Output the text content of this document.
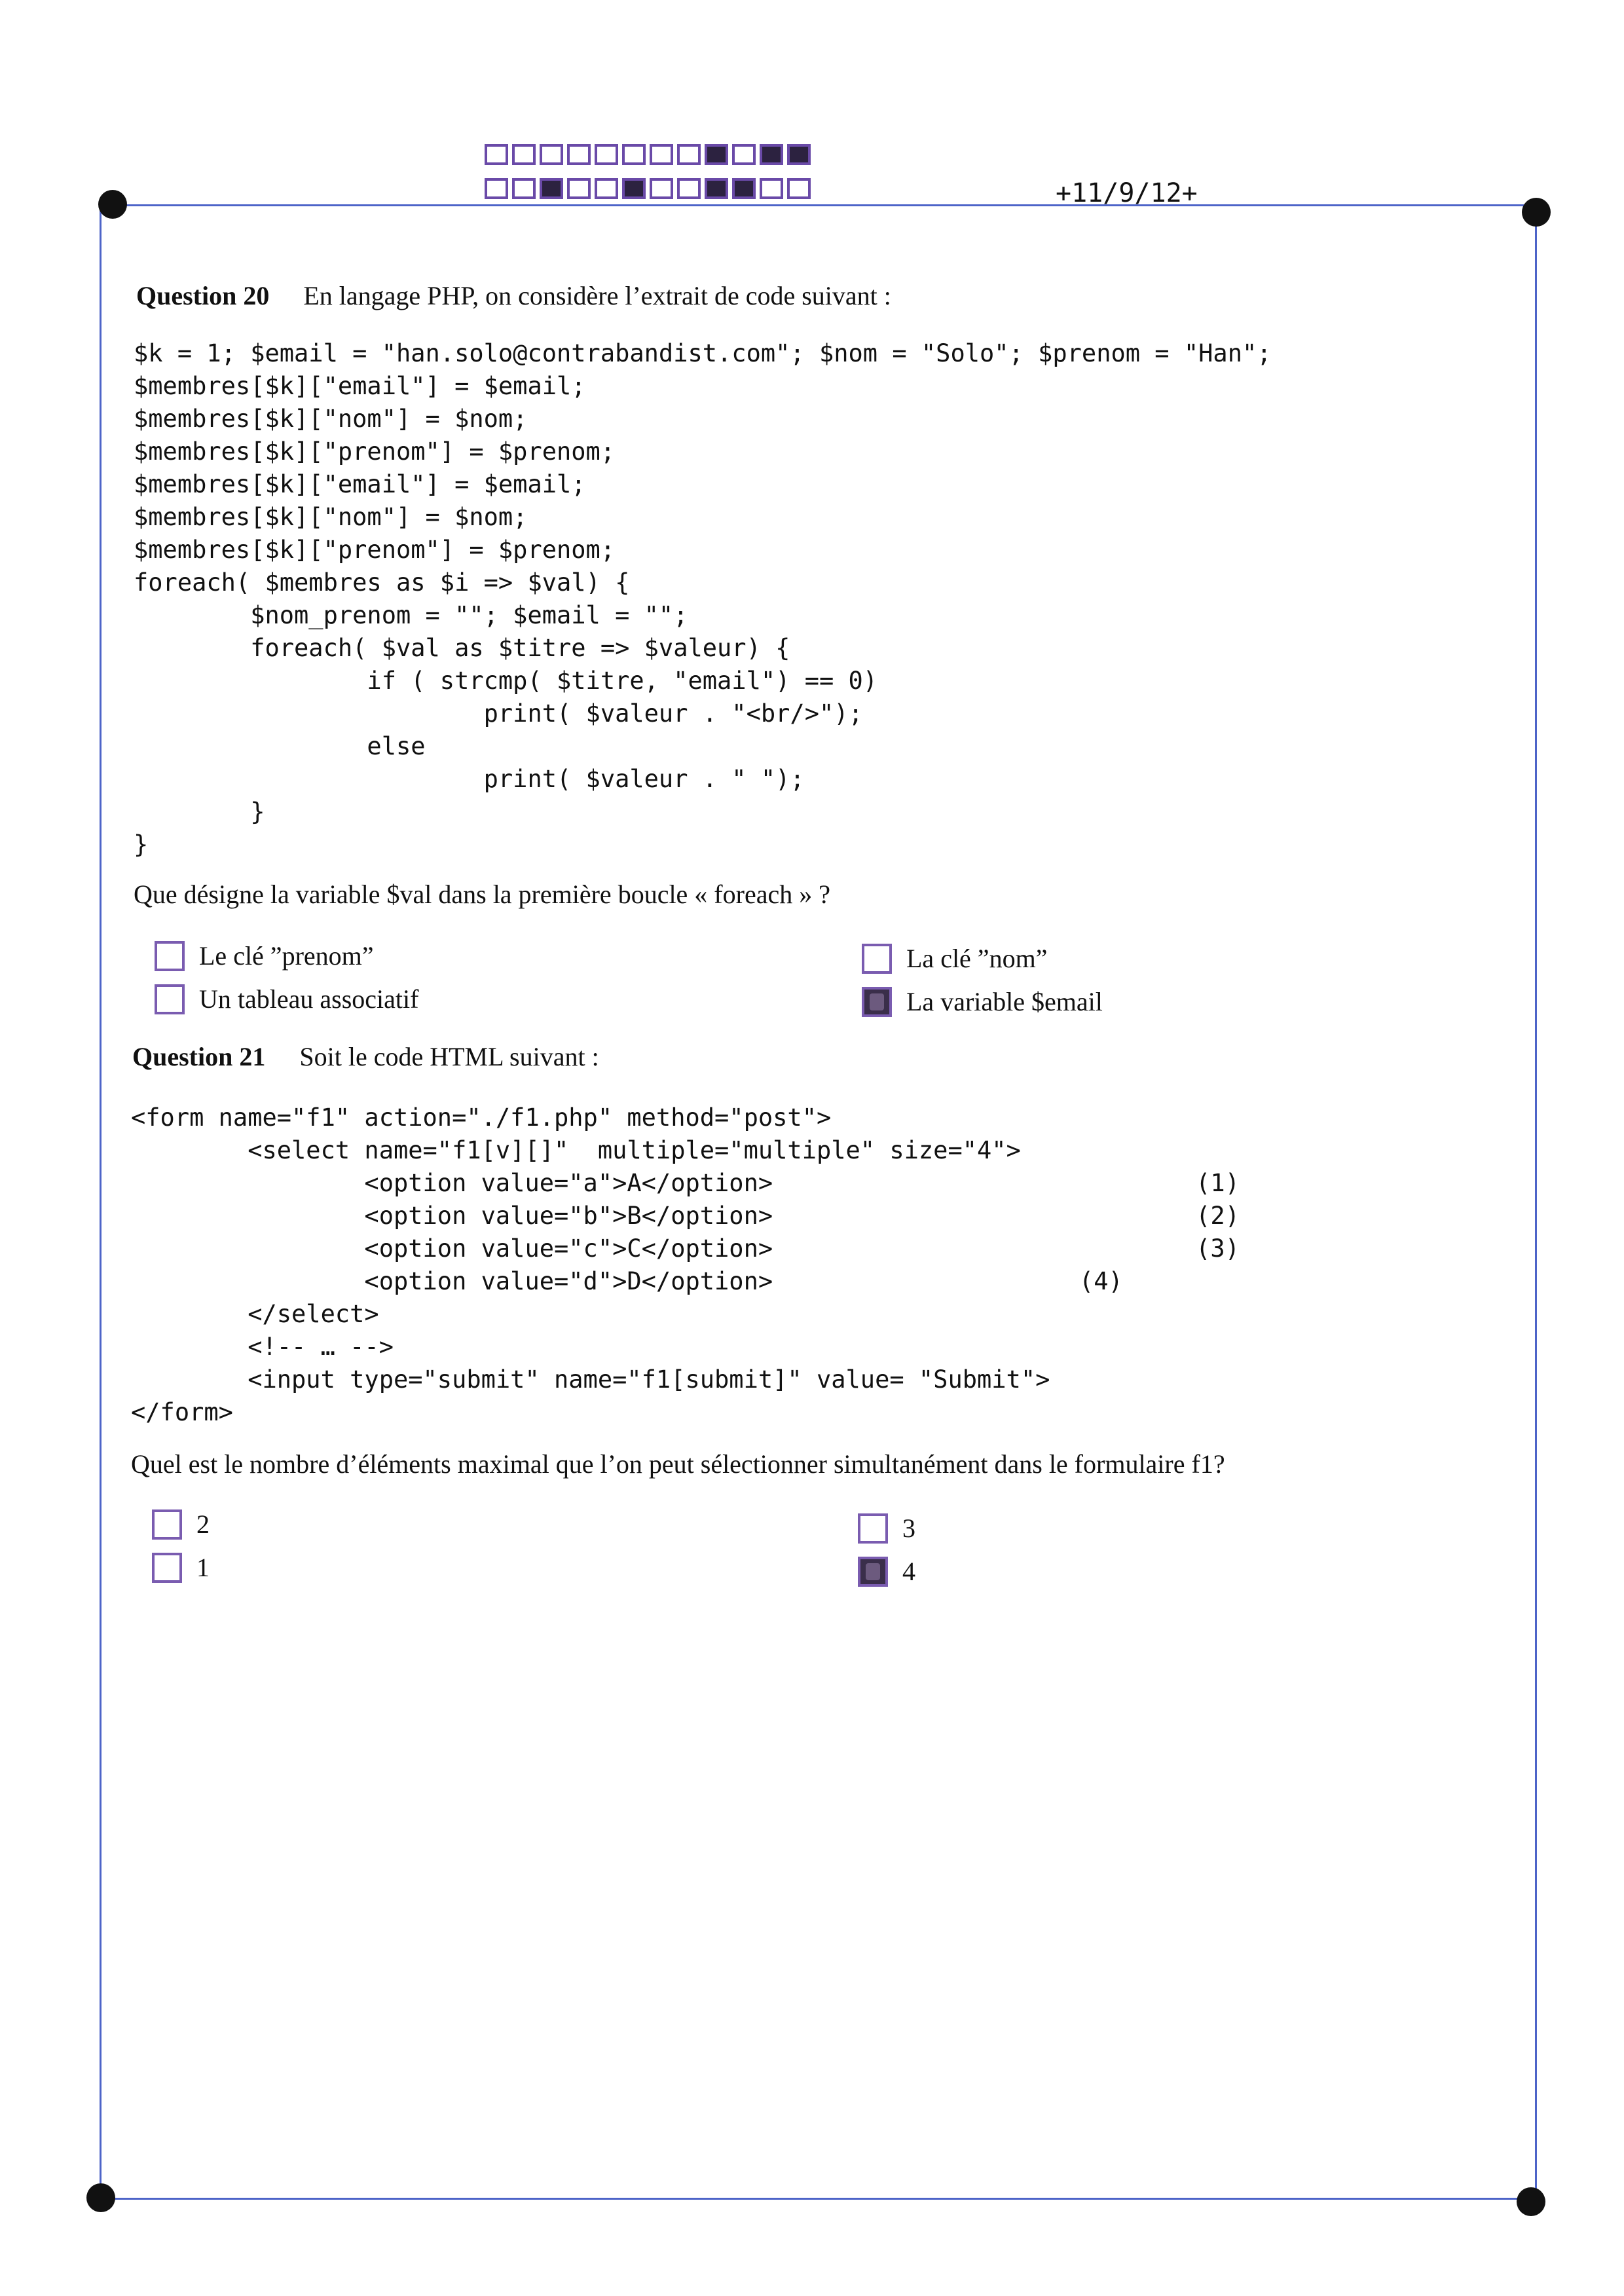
+11/9/12+
Question 20 En langage PHP, on considère l’extrait de code suivant :
$k = 1; $email = "han.solo@contrabandist.com"; $nom = "Solo"; $prenom = "Han";
$membres[$k]["email"] = $email;
$membres[$k]["nom"] = $nom;
$membres[$k]["prenom"] = $prenom;
$membres[$k]["email"] = $email;
$membres[$k]["nom"] = $nom;
$membres[$k]["prenom"] = $prenom;
foreach( $membres as $i => $val) {
$nom_prenom = ""; $email = "";
foreach( $val as $titre => $valeur) {
if ( strcmp( $titre, "email") == 0)
print( $valeur . "<br/>");
else
print( $valeur . " ");
}
}
Que désigne la variable $val dans la première boucle « foreach » ?
Le clé ”prenom”	La clé ”nom”
Un tableau associatif	La variable $email
Question 21 Soit le code HTML suivant :
<form name="f1" action="./f1.php" method="post">
<select name="f1[v][]"  multiple="multiple" size="4">
<option value="a">A</option>                             (1)
<option value="b">B</option>                             (2)
<option value="c">C</option>                             (3)
<option value="d">D</option>                     (4)
</select>
<!-- … -->
<input type="submit" name="f1[submit]" value= "Submit">
</form>
Quel est le nombre d’éléments maximal que l’on peut sélectionner simultanément dans le formulaire f1?
2	3
1	4
